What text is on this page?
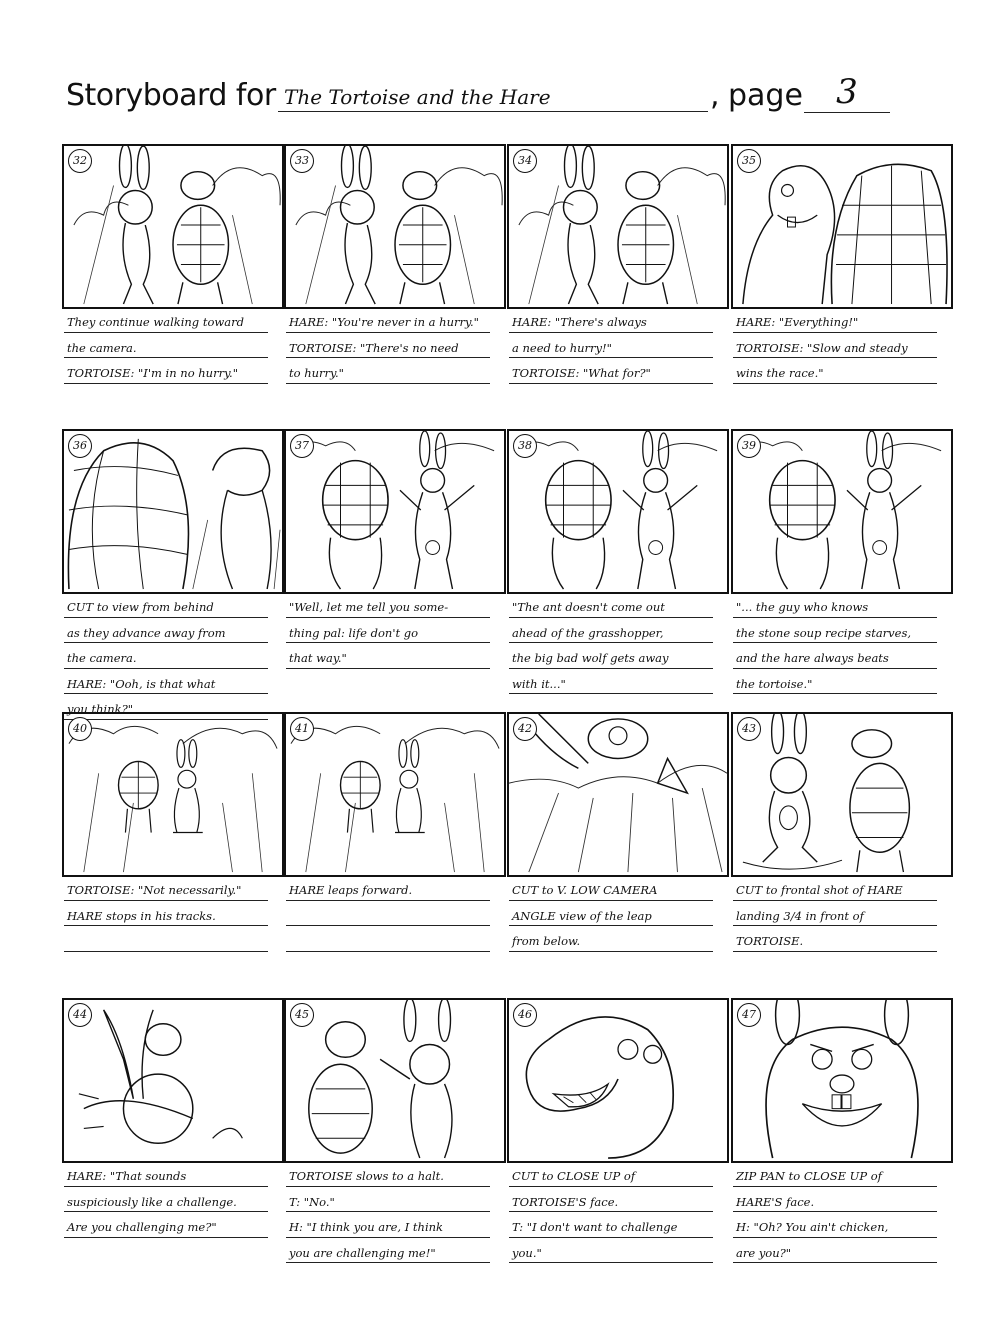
Storyboard for The Tortoise and the Hare	, page 3
32
They continue walking toward
the camera.
TORTOISE: "I'm in no hurry."
33
HARE: "You're never in a hurry."
TORTOISE: "There's no need
to hurry."
34
HARE: "There's always
a need to hurry!"
TORTOISE: "What for?"
35
HARE: "Everything!"
TORTOISE: "Slow and steady
wins the race."
36
CUT to view from behind
as they advance away from
the camera.
HARE: "Ooh, is that what
you think?"
37
"Well, let me tell you some-
thing pal: life don't go
that way."
38
"The ant doesn't come out
ahead of the grasshopper,
the big bad wolf gets away
with it..."
39
"... the guy who knows
the stone soup recipe starves,
and the hare always beats
the tortoise."
40
TORTOISE: "Not necessarily."
HARE stops in his tracks.
41
HARE leaps forward.
42
CUT to V. LOW CAMERA
ANGLE view of the leap
from below.
43
CUT to frontal shot of HARE
landing 3/4 in front of
TORTOISE.
44
HARE: "That sounds
suspiciously like a challenge.
Are you challenging me?"
45
TORTOISE slows to a halt.
T: "No."
H: "I think you are, I think
you are challenging me!"
46
CUT to CLOSE UP of
TORTOISE'S face.
T: "I don't want to challenge
you."
47
ZIP PAN to CLOSE UP of
HARE'S face.
H: "Oh? You ain't chicken,
are you?"
